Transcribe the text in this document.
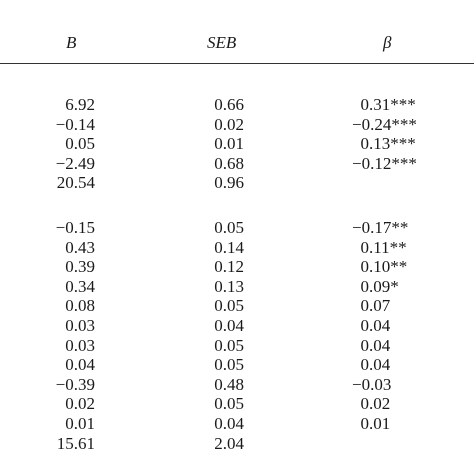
B	SEB	β
6.92	0.66	0.31***
−0.14	0.02	−0.24***
0.05	0.01	0.13***
−2.49	0.68	−0.12***
20.54	0.96
−0.15	0.05	−0.17**
0.43	0.14	0.11**
0.39	0.12	0.10**
0.34	0.13	0.09*
0.08	0.05	0.07
0.03	0.04	0.04
0.03	0.05	0.04
0.04	0.05	0.04
−0.39	0.48	−0.03
0.02	0.05	0.02
0.01	0.04	0.01
15.61	2.04
